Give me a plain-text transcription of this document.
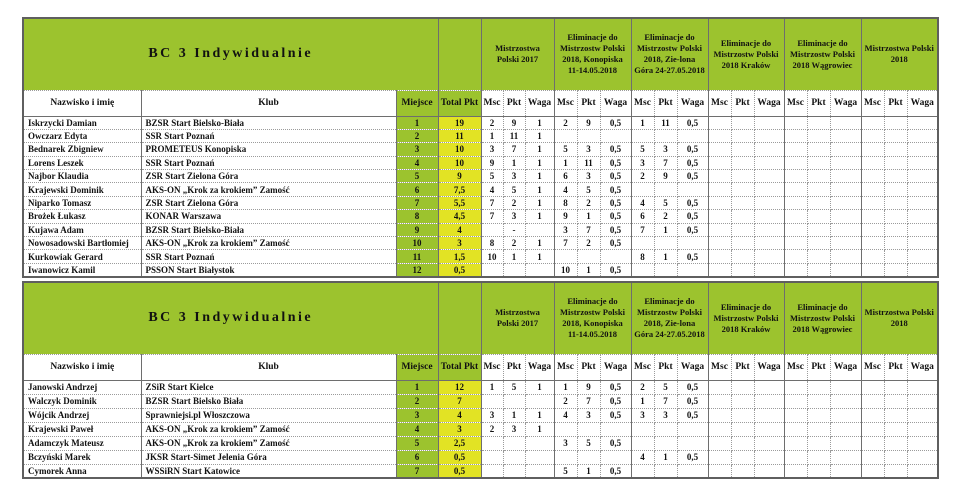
BC 3 Indywidualnie				Mistrzostwa Polski 2017			Eliminacje do Mistrzostw Polski 2018, Konopiska 11-14.05.2018			Eliminacje do Mistrzostw Polski 2018, Zie-lona Góra 24-27.05.2018			Eliminacje do Mistrzostw Polski 2018 Kraków			Eliminacje do Mistrzostw Polski 2018 Wągrowiec			Mistrzostwa Polski 2018		
Nazwisko i imię	Klub	Miejsce	Total Pkt	Msc	Pkt	Waga	Msc	Pkt	Waga	Msc	Pkt	Waga	Msc	Pkt	Waga	Msc	Pkt	Waga	Msc	Pkt	Waga
Iskrzycki Damian	BZSR Start Bielsko-Biała	1	19	2	9	1	2	9	0,5	1	11	0,5									
Owczarz Edyta	SSR Start Poznań	2	11	1	11	1															
Bednarek Zbigniew	PROMETEUS Konopiska	3	10	3	7	1	5	3	0,5	5	3	0,5									
Lorens Leszek	SSR Start Poznań	4	10	9	1	1	1	11	0,5	3	7	0,5									
Najbor Klaudia	ZSR Start Zielona Góra	5	9	5	3	1	6	3	0,5	2	9	0,5									
Krajewski Dominik	AKS-ON „Krok za krokiem” Zamość	6	7,5	4	5	1	4	5	0,5												
Niparko Tomasz	ZSR Start Zielona Góra	7	5,5	7	2	1	8	2	0,5	4	5	0,5									
Brożek Łukasz	KONAR Warszawa	8	4,5	7	3	1	9	1	0,5	6	2	0,5									
Kujawa Adam	BZSR Start Bielsko-Biała	9	4		-		3	7	0,5	7	1	0,5									
Nowosadowski Bartłomiej	AKS-ON „Krok za krokiem” Zamość	10	3	8	2	1	7	2	0,5												
Kurkowiak Gerard	SSR Start Poznań	11	1,5	10	1	1				8	1	0,5									
Iwanowicz Kamil	PSSON Start Białystok	12	0,5				10	1	0,5												
BC 3 Indywidualnie				Mistrzostwa Polski 2017			Eliminacje do Mistrzostw Polski 2018, Konopiska 11-14.05.2018			Eliminacje do Mistrzostw Polski 2018, Zie-lona Góra 24-27.05.2018			Eliminacje do Mistrzostw Polski 2018 Kraków			Eliminacje do Mistrzostw Polski 2018 Wągrowiec			Mistrzostwa Polski 2018		
Nazwisko i imię	Klub	Miejsce	Total Pkt	Msc	Pkt	Waga	Msc	Pkt	Waga	Msc	Pkt	Waga	Msc	Pkt	Waga	Msc	Pkt	Waga	Msc	Pkt	Waga
Janowski Andrzej	ZSiR Start Kielce	1	12	1	5	1	1	9	0,5	2	5	0,5									
Walczyk Dominik	BZSR Start Bielsko Biała	2	7				2	7	0,5	1	7	0,5									
Wójcik Andrzej	Sprawniejsi.pl Włoszczowa	3	4	3	1	1	4	3	0,5	3	3	0,5									
Krajewski Paweł	AKS-ON „Krok za krokiem” Zamość	4	3	2	3	1															
Adamczyk Mateusz	AKS-ON „Krok za krokiem” Zamość	5	2,5				3	5	0,5												
Bczyński Marek	JKSR Start-Simet Jelenia Góra	6	0,5							4	1	0,5									
Cymorek Anna	WSSiRN Start Katowice	7	0,5				5	1	0,5												
